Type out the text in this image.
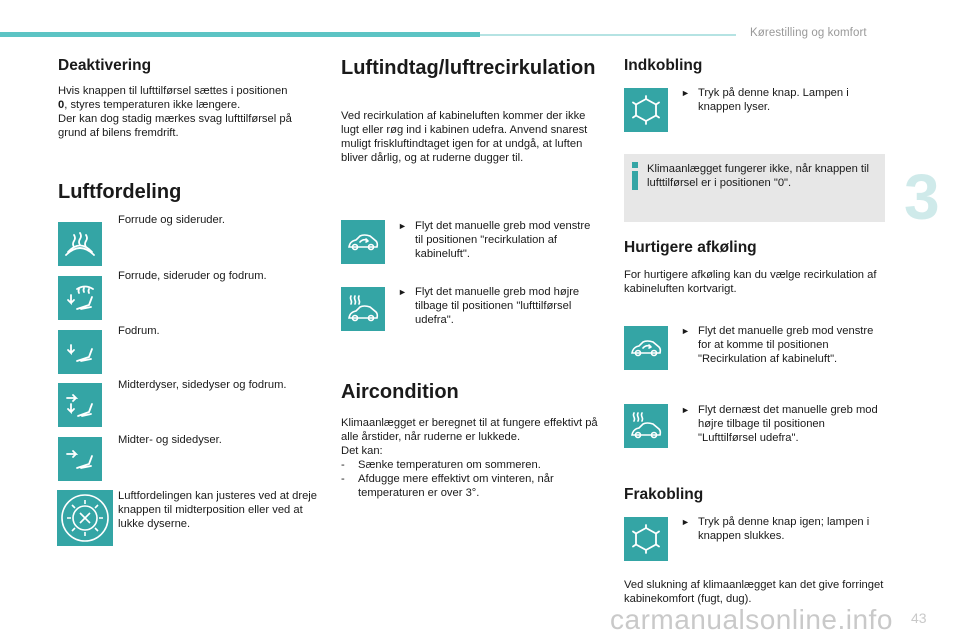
Kørestilling og komfort
3
Deaktivering
Hvis knappen til lufttilførsel sættes i positionen
0, styres temperaturen ikke længere.
Der kan dog stadig mærkes svag lufttilførsel på grund af bilens fremdrift.
Luftfordeling
Forrude og sideruder.
Forrude, sideruder og fodrum.
Fodrum.
Midterdyser, sidedyser og fodrum.
Midter- og sidedyser.
Luftfordelingen kan justeres ved at dreje knappen til midterposition eller ved at lukke dyserne.
Luftindtag/luftrecirkulation
Ved recirkulation af kabineluften kommer der ikke lugt eller røg ind i kabinen udefra. Anvend snarest muligt friskluftindtaget igen for at undgå, at luften bliver dårlig, og at ruderne dugger til.
► Flyt det manuelle greb mod venstre til positionen "recirkulation af kabineluft".
► Flyt det manuelle greb mod højre tilbage til positionen "lufttilførsel udefra".
Aircondition
Klimaanlægget er beregnet til at fungere effektivt på alle årstider, når ruderne er lukkede.
Det kan:
- Sænke temperaturen om sommeren.
- Afdugge mere effektivt om vinteren, når temperaturen er over 3°.
Indkobling
► Tryk på denne knap. Lampen i knappen lyser.
Klimaanlægget fungerer ikke, når knappen til lufttilførsel er i positionen "0".
Hurtigere afkøling
For hurtigere afkøling kan du vælge recirkulation af kabineluften kortvarigt.
► Flyt det manuelle greb mod venstre for at komme til positionen "Recirkulation af kabineluft".
► Flyt dernæst det manuelle greb mod højre tilbage til positionen "Lufttilførsel udefra".
Frakobling
► Tryk på denne knap igen; lampen i knappen slukkes.
Ved slukning af klimaanlægget kan det give forringet kabinekomfort (fugt, dug).
carmanualsonline.info 43
